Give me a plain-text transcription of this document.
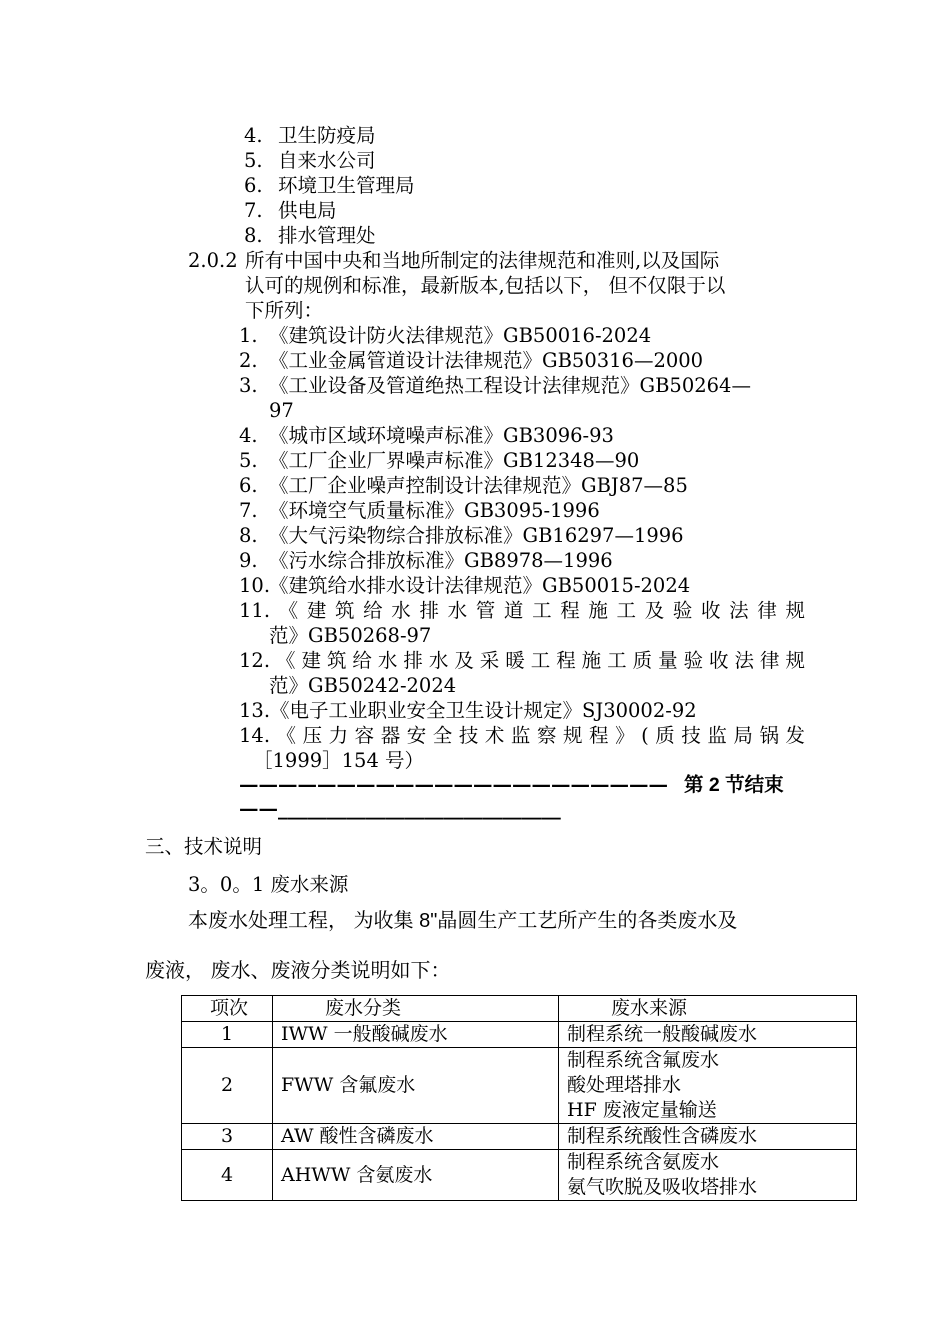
4. 卫生防疫局
5. 自来水公司
6. 环境卫生管理局
7. 供电局
8. 排水管理处
2.0.2 所有中国中央和当地所制定的法律规范和准则,以及国际
认可的规例和标准，最新版本,包括以下， 但不仅限于以
下所列：
1. 《建筑设计防火法律规范》GB50016-2024
2. 《工业金属管道设计法律规范》GB50316—2000
3. 《工业设备及管道绝热工程设计法律规范》GB50264—
97
4. 《城市区域环境噪声标准》GB3096-93
5. 《工厂企业厂界噪声标准》GB12348—90
6. 《工厂企业噪声控制设计法律规范》GBJ87—85
7. 《环境空气质量标准》GB3095-1996
8. 《大气污染物综合排放标准》GB16297—1996
9. 《污水综合排放标准》GB8978—1996
10.《建筑给水排水设计法律规范》GB50015-2024
11.《建筑给水排水管道工程施工及验收法律规
范》GB50268-97
12.《建筑给水排水及采暖工程施工质量验收法律规
范》GB50242-2024
13.《电子工业职业安全卫生设计规定》SJ30002-92
14.《压力容器安全技术监察规程》(质技监局锅发
［1999］154 号）
—————————————————————— 第 2 节结束
——_____________________________
三、技术说明
3。0。1 废水来源
本废水处理工程， 为收集 8"晶圆生产工艺所产生的各类废水及
废液， 废水、废液分类说明如下：
项次	废水分类	废水来源
1	IWW 一般酸碱废水	制程系统一般酸碱废水

2	FWW 含氟废水	制程系统含氟废水
酸处理塔排水
HF 废液定量输送

3	AW 酸性含磷废水	制程系统酸性含磷废水

4	AHWW 含氨废水	制程系统含氨废水
氨气吹脱及吸收塔排水
